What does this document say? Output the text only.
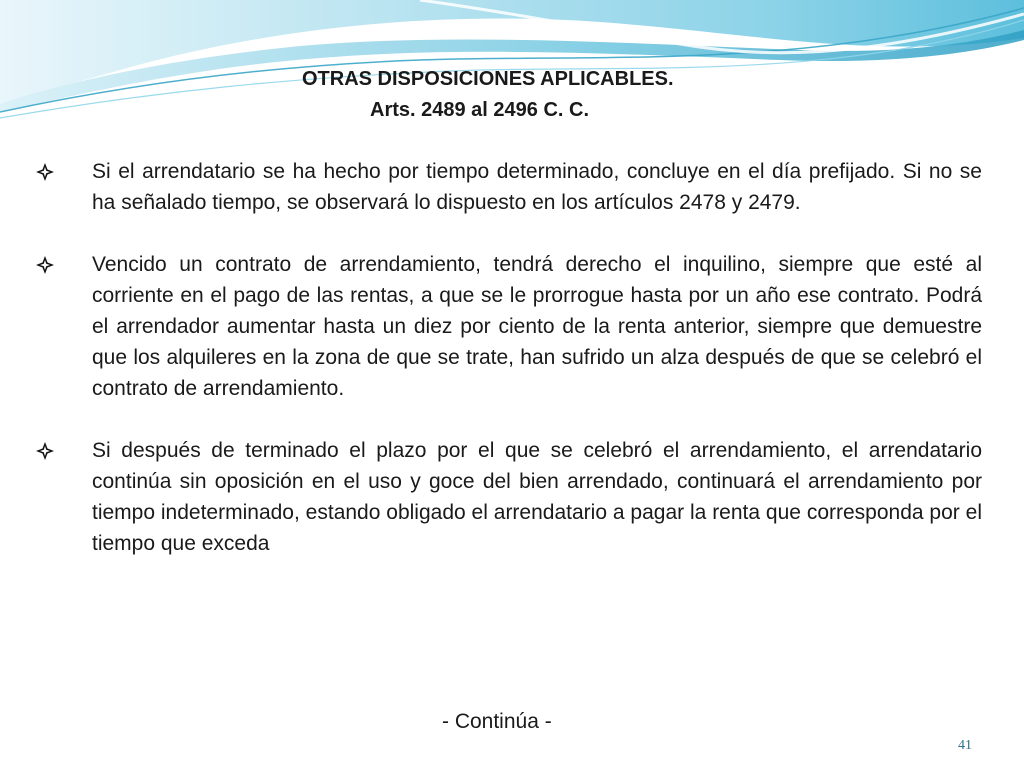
OTRAS DISPOSICIONES APLICABLES.
Arts. 2489 al 2496 C. C.
Si el arrendatario se ha hecho por tiempo determinado, concluye en el día prefijado. Si no se ha señalado tiempo, se observará lo dispuesto en los artículos 2478 y 2479.
Vencido un contrato de arrendamiento, tendrá derecho el inquilino, siempre que esté al corriente en el pago de las rentas, a que se le prorrogue hasta por un año ese contrato. Podrá el arrendador aumentar hasta un diez por ciento de la renta anterior, siempre que demuestre que los alquileres en la zona de que se trate, han sufrido un alza después de que se celebró el contrato de arrendamiento.
Si después de terminado el plazo por el que se celebró el arrendamiento, el arrendatario continúa sin oposición en el uso y goce del bien arrendado, continuará el arrendamiento por tiempo indeterminado, estando obligado el arrendatario a pagar la renta que corresponda por el tiempo que exceda
- Continúa -
41
